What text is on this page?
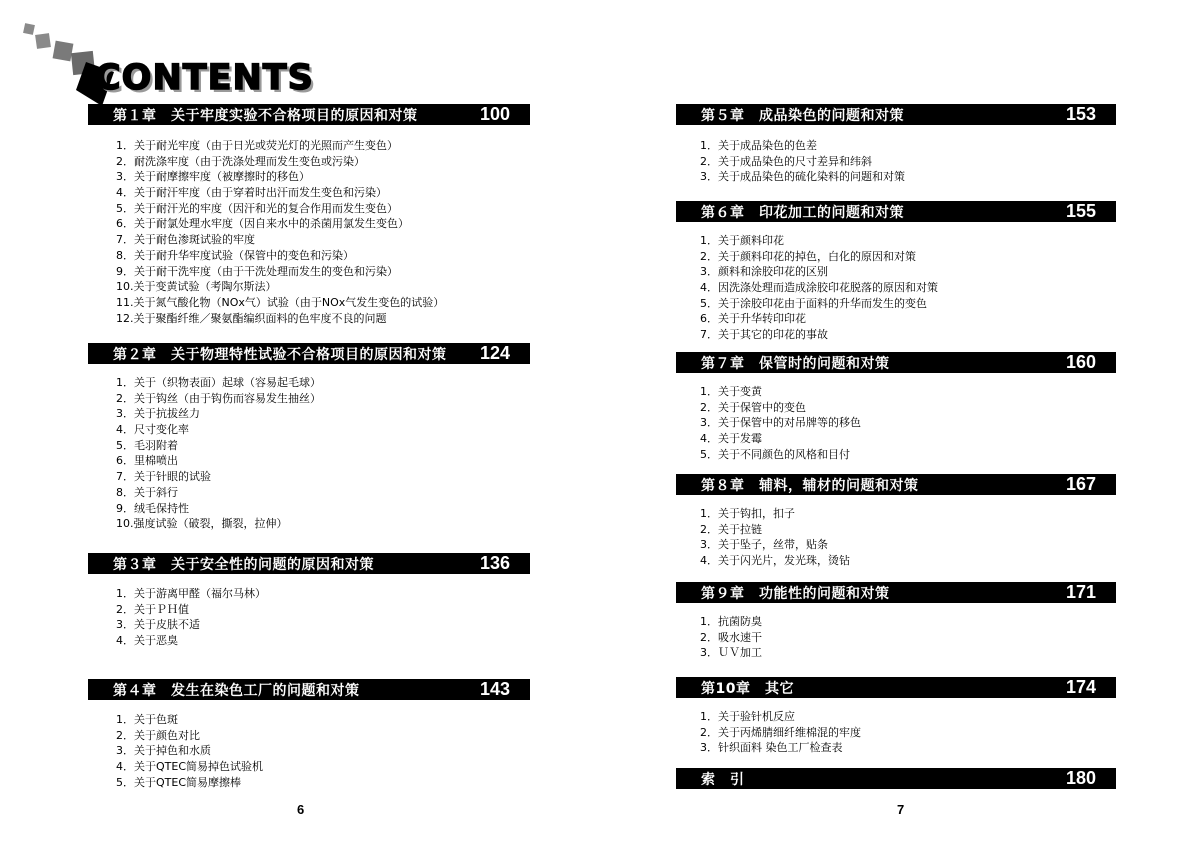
CONTENTS
第１章　关于牢度实验不合格项目的原因和对策	100
1．关于耐光牢度（由于日光或荧光灯的光照而产生变色）
2．耐洗涤牢度（由于洗涤处理而发生变色或污染）
3．关于耐摩擦牢度（被摩擦时的移色）
4．关于耐汗牢度（由于穿着时出汗而发生变色和污染）
5．关于耐汗光的牢度（因汗和光的复合作用而发生变色）
6．关于耐氯处理水牢度（因自来水中的杀菌用氯发生变色）
7．关于耐色渗斑试验的牢度
8．关于耐升华牢度试验（保管中的变色和污染）
9．关于耐干洗牢度（由于干洗处理而发生的变色和污染）
10.关于变黄试验（考陶尔斯法）
11.关于氮气酸化物（NOx气）试验（由于NOx气发生变色的试验）
12.关于聚酯纤维／聚氨酯编织面料的色牢度不良的问题
第２章　关于物理特性试验不合格项目的原因和对策 124
1．关于（织物表面）起球（容易起毛球）
2．关于钩丝（由于钩伤而容易发生抽丝）
3．关于抗拔丝力
4．尺寸变化率
5．毛羽附着
6．里棉喷出
7．关于针眼的试验
8．关于斜行
9．绒毛保持性
10.强度试验（破裂，撕裂，拉伸）
第３章　关于安全性的问题的原因和对策	136
1．关于游离甲醛（福尔马林）
2．关于ＰＨ值
3．关于皮肤不适
4．关于恶臭
第４章　发生在染色工厂的问题和对策	143
1．关于色斑
2．关于颜色对比
3．关于掉色和水质
4．关于QTEC简易掉色试验机
5．关于QTEC简易摩擦棒
6
第５章　成品染色的问题和对策	153
1．关于成品染色的色差
2．关于成品染色的尺寸差异和纬斜
3．关于成品染色的硫化染料的问题和对策
第６章　印花加工的问题和对策	155
1．关于颜料印花
2．关于颜料印花的掉色，白化的原因和对策
3．颜料和涂胶印花的区别
4．因洗涤处理而造成涂胶印花脱落的原因和对策
5．关于涂胶印花由于面料的升华而发生的变色
6．关于升华转印印花
7．关于其它的印花的事故
第７章　保管时的问题和对策	160
1．关于变黄
2．关于保管中的变色
3．关于保管中的对吊牌等的移色
4．关于发霉
5．关于不同颜色的风格和目付
第８章　辅料，辅材的问题和对策	167
1．关于钩扣，扣子
2．关于拉链
3．关于坠子，丝带，贴条
4．关于闪光片，发光珠，烫钻
第９章　功能性的问题和对策	171
1．抗菌防臭
2．吸水速干
3．ＵＶ加工
第10章　其它	174
1．关于验针机反应
2．关于丙烯腈细纤维棉混的牢度
3．针织面料 染色工厂检查表
索　引	180
7
